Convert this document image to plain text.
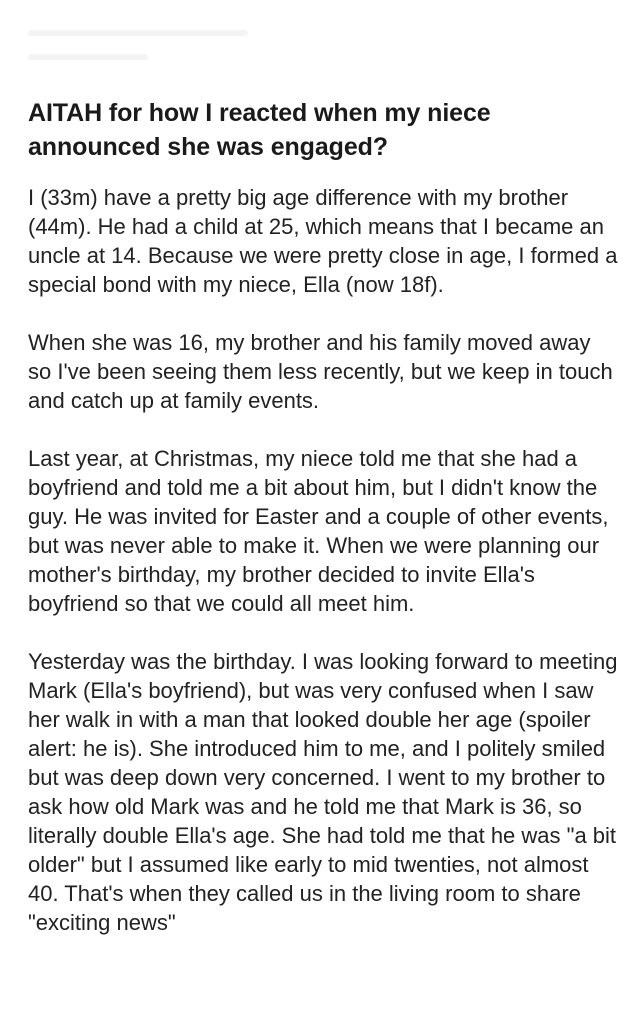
AITAH for how I reacted when my niece announced she was engaged?

I (33m) have a pretty big age difference with my brother (44m). He had a child at 25, which means that I became an uncle at 14. Because we were pretty close in age, I formed a special bond with my niece, Ella (now 18f).

When she was 16, my brother and his family moved away so I've been seeing them less recently, but we keep in touch and catch up at family events.

Last year, at Christmas, my niece told me that she had a boyfriend and told me a bit about him, but I didn't know the guy. He was invited for Easter and a couple of other events, but was never able to make it. When we were planning our mother's birthday, my brother decided to invite Ella's boyfriend so that we could all meet him.

Yesterday was the birthday. I was looking forward to meeting Mark (Ella's boyfriend), but was very confused when I saw her walk in with a man that looked double her age (spoiler alert: he is). She introduced him to me, and I politely smiled but was deep down very concerned. I went to my brother to ask how old Mark was and he told me that Mark is 36, so literally double Ella's age. She had told me that he was "a bit older" but I assumed like early to mid twenties, not almost 40. That's when they called us in the living room to share "exciting news"
